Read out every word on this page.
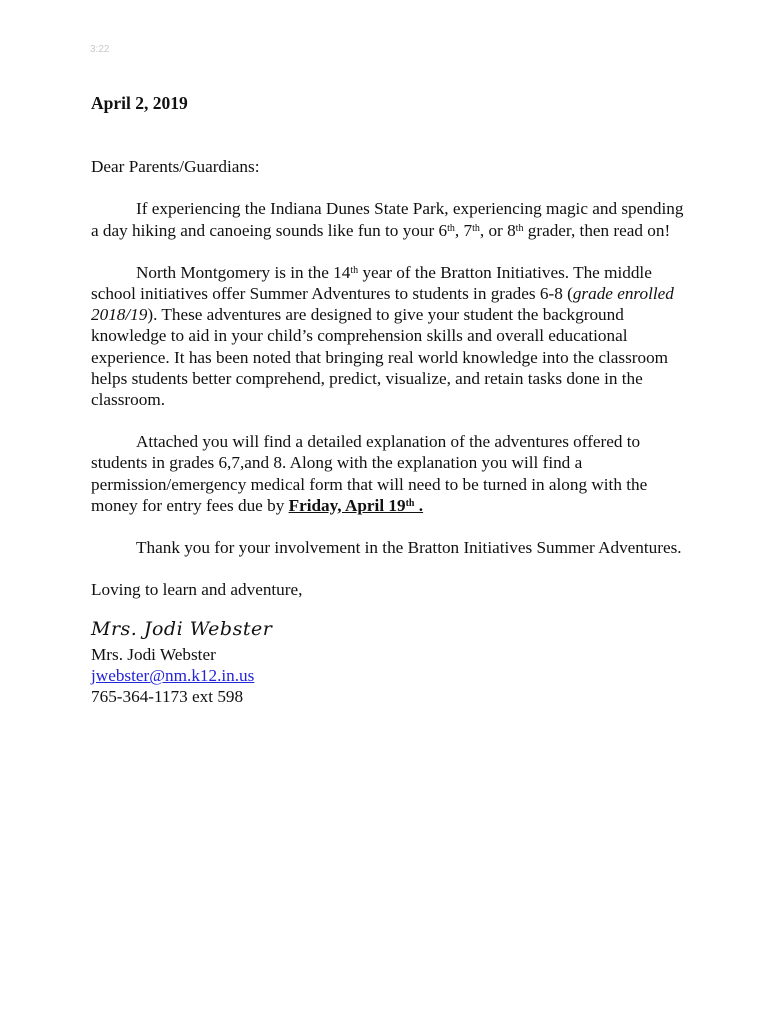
3:22
April 2, 2019
Dear Parents/Guardians:

If experiencing the Indiana Dunes State Park, experiencing magic and spending a day hiking and canoeing sounds like fun to your 6th, 7th, or 8th grader, then read on!

North Montgomery is in the 14th year of the Bratton Initiatives. The middle school initiatives offer Summer Adventures to students in grades 6-8 (grade enrolled 2018/19). These adventures are designed to give your student the background knowledge to aid in your child’s comprehension skills and overall educational experience. It has been noted that bringing real world knowledge into the classroom helps students better comprehend, predict, visualize, and retain tasks done in the classroom.

Attached you will find a detailed explanation of the adventures offered to students in grades 6,7,and 8. Along with the explanation you will find a permission/emergency medical form that will need to be turned in along with the money for entry fees due by Friday, April 19th .

Thank you for your involvement in the Bratton Initiatives Summer Adventures.

Loving to learn and adventure,
Mrs. Jodi Webster
Mrs. Jodi Webster
jwebster@nm.k12.in.us
765-364-1173 ext 598
